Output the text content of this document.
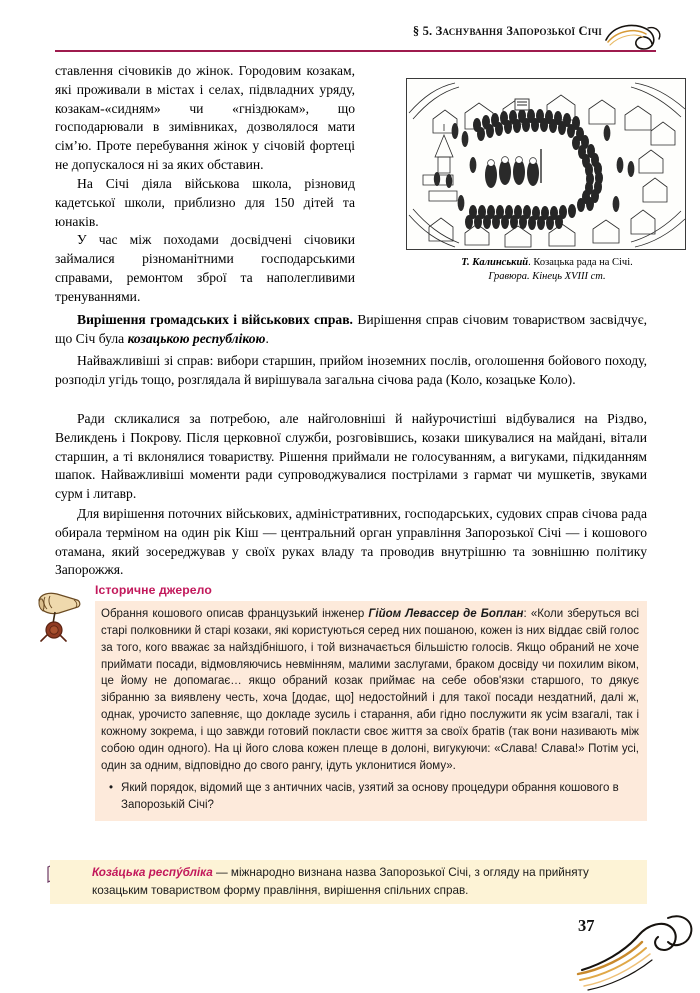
§ 5. Заснування Запорозької Січі
Т. Калинський. Козацька рада на Січі.
Гравюра. Кінець XVIII ст.

ставлення січовиків до жінок. Городовим козакам, які проживали в містах і селах, підвладних уряду, козакам-«сидням» чи «гніздюкам», що господарювали в зимівниках, дозволялося мати сім’ю. Проте перебування жінок у січовій фортеці не допускалося ні за яких обставин.

На Січі діяла військова школа, різновид кадетської школи, приблизно для 150 дітей та юнаків.

У час між походами досвідчені січовики займалися різноманітними господарськими справами, ремонтом зброї та наполегливими тренуваннями.

Вирішення громадських і військових справ. Вирішення справ січовим товариством засвідчує, що Січ була козацькою республікою.

Найважливіші зі справ: вибори старшин, прийом іноземних послів, оголошення бойового походу, розподіл угідь тощо, розглядала й вирішувала загальна січова рада (Коло, козацьке Коло).

Ради скликалися за потребою, але найголовніші й найурочистіші відбувалися на Різдво, Великдень і Покрову. Після церковної служби, розговівшись, козаки шикувалися на майдані, вітали старшин, а ті вклонялися товариству. Рішення приймали не голосуванням, а вигуками, підкиданням шапок. Найважливіші моменти ради супроводжувалися пострілами з гармат чи мушкетів, звуками сурм і литавр.

Для вирішення поточних військових, адміністративних, господарських, судових справ січова рада обирала терміном на один рік Кіш — центральний орган управління Запорозької Січі — і кошового отамана, який зосереджував у своїх руках владу та проводив внутрішню та зовнішню політику Запорожжя.

Історичне джерело

Обрання кошового описав французький інженер Гійом Левассер де Боплан: «Коли зберуться всі старі полковники й старі козаки, які користуються серед них пошаною, кожен із них віддає свій голос за того, кого вважає за найздібнішого, і той визначається більшістю голосів. Якщо обраний не хоче приймати посади, відмовляючись невмінням, малими заслугами, браком досвіду чи похилим віком, це йому не допомагає… якщо обраний козак приймає на себе обов'язки старшого, то дякує зібранню за виявлену честь, хоча [додає, що] недостойний і для такої посади нездатний, далі ж, однак, урочисто запевняє, що докладе зусиль і старання, аби гідно послужити як усім взагалі, так і кожному зокрема, і що завжди готовий покласти своє життя за своїх братів (так вони називають між собою один одного). На ці його слова кожен плеще в долоні, вигукуючи: «Слава! Слава!» Потім усі, один за одним, відповідно до свого рангу, ідуть уклонитися йому».

• Який порядок, відомий ще з античних часів, узятий за основу процедури обрання кошового в Запорозькій Січі?
Коза́цька респу́бліка — міжнародно визнана назва Запорозької Січі, з огляду на прийняту козацьким товариством форму правління, вирішення спільних справ.
37
